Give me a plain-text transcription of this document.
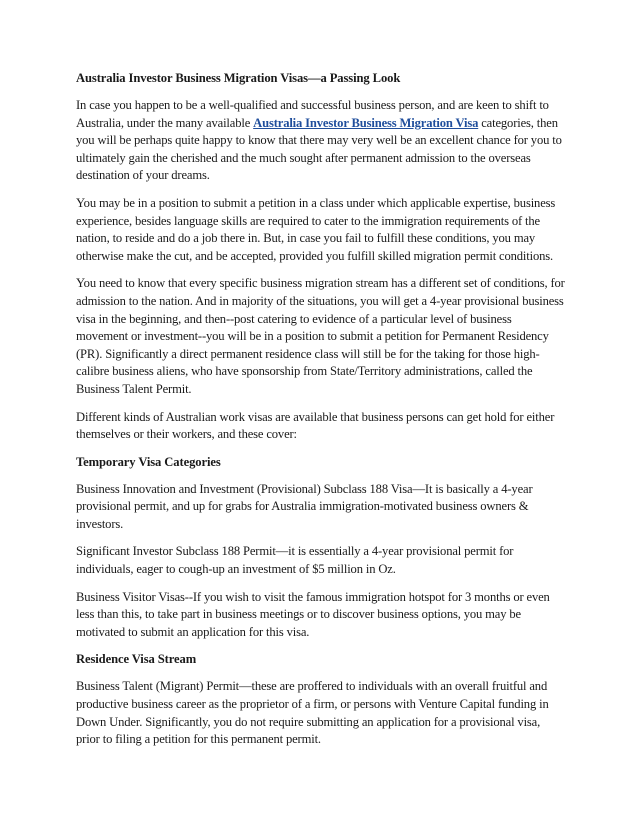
Australia Investor Business Migration Visas—a Passing Look
In case you happen to be a well-qualified and successful business person, and are keen to shift to Australia, under the many available Australia Investor Business Migration Visa categories, then you will be perhaps quite happy to know that there may very well be an excellent chance for you to ultimately gain the cherished and the much sought after permanent admission to the overseas destination of your dreams.
You may be in a position to submit a petition in a class under which applicable expertise, business experience, besides language skills are required to cater to the immigration requirements of the nation, to reside and do a job there in. But, in case you fail to fulfill these conditions, you may otherwise make the cut, and be accepted, provided you fulfill skilled migration permit conditions.
You need to know that every specific business migration stream has a different set of conditions, for admission to the nation. And in majority of the situations, you will get a 4-year provisional business visa in the beginning, and then--post catering to evidence of a particular level of business movement or investment--you will be in a position to submit a petition for Permanent Residency (PR). Significantly a direct permanent residence class will still be for the taking for those high-calibre business aliens, who have sponsorship from State/Territory administrations, called the Business Talent Permit.
Different kinds of Australian work visas are available that business persons can get hold for either themselves or their workers, and these cover:
Temporary Visa Categories
Business Innovation and Investment (Provisional) Subclass 188 Visa—It is basically a 4-year provisional permit, and up for grabs for Australia immigration-motivated business owners & investors.
Significant Investor Subclass 188 Permit—it is essentially a 4-year provisional permit for individuals, eager to cough-up an investment of $5 million in Oz.
Business Visitor Visas--If you wish to visit the famous immigration hotspot for 3 months or even less than this, to take part in business meetings or to discover business options, you may be motivated to submit an application for this visa.
Residence Visa Stream
Business Talent (Migrant) Permit—these are proffered to individuals with an overall fruitful and productive business career as the proprietor of a firm, or persons with Venture Capital funding in Down Under. Significantly, you do not require submitting an application for a provisional visa, prior to filing a petition for this permanent permit.
